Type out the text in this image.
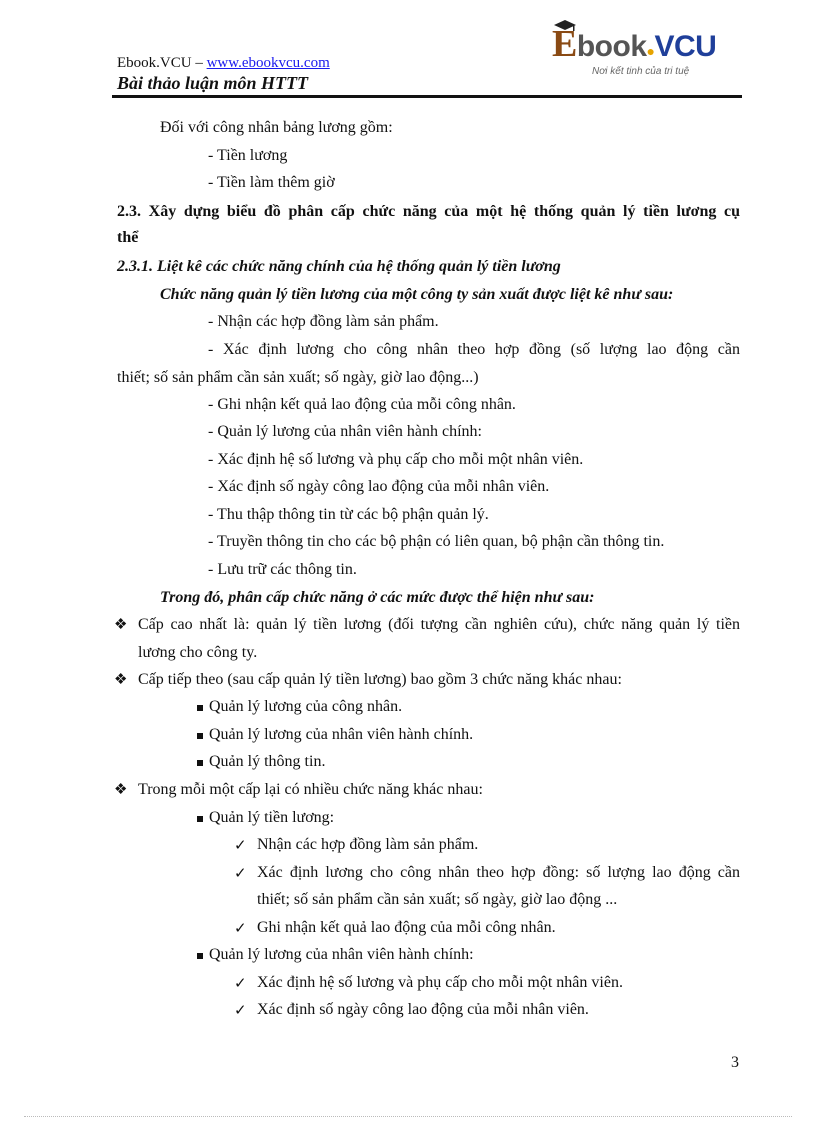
Ebook.VCU – www.ebookvcu.com
Bài thảo luận môn HTTT
Ebook●VCU
Nơi kết tinh của tri tuệ
Đối với công nhân bảng lương gồm:
- Tiền lương
- Tiền làm thêm giờ
2.3. Xây dựng biểu đồ phân cấp chức năng của một hệ thống quản lý tiền lương cụ
thể
2.3.1. Liệt kê các chức năng chính của hệ thống quản lý tiền lương
Chức năng quản lý tiền lương của một công ty sản xuất được liệt kê như sau:
- Nhận các hợp đồng làm sản phẩm.
- Xác định lương cho công nhân theo hợp đồng (số lượng lao động cần
thiết; số sản phẩm cần sản xuất; số ngày, giờ lao động...)
- Ghi nhận kết quả lao động của mỗi công nhân.
- Quản lý lương của nhân viên hành chính:
- Xác định hệ số lương và phụ cấp cho mỗi một nhân viên.
- Xác định số ngày công lao động của mỗi nhân viên.
- Thu thập thông tin từ các bộ phận quản lý.
- Truyền thông tin cho các bộ phận có liên quan, bộ phận cần thông tin.
- Lưu trữ các thông tin.
Trong đó, phân cấp chức năng ở các mức được thể hiện như sau:
❖ Cấp cao nhất là: quản lý tiền lương (đối tượng cần nghiên cứu), chức năng quản lý tiền
lương cho công ty.
❖ Cấp tiếp theo (sau cấp quản lý tiền lương) bao gồm 3 chức năng khác nhau:
Quản lý lương của công nhân.
Quản lý lương của nhân viên hành chính.
Quản lý thông tin.
❖ Trong mỗi một cấp lại có nhiều chức năng khác nhau:
Quản lý tiền lương:
✓ Nhận các hợp đồng làm sản phẩm.
✓ Xác định lương cho công nhân theo hợp đồng: số lượng lao động cần
thiết; số sản phẩm cần sản xuất; số ngày, giờ lao động ...
✓ Ghi nhận kết quả lao động của mỗi công nhân.
Quản lý lương của nhân viên hành chính:
✓ Xác định hệ số lương và phụ cấp cho mỗi một nhân viên.
✓ Xác định số ngày công lao động của mỗi nhân viên.
3
